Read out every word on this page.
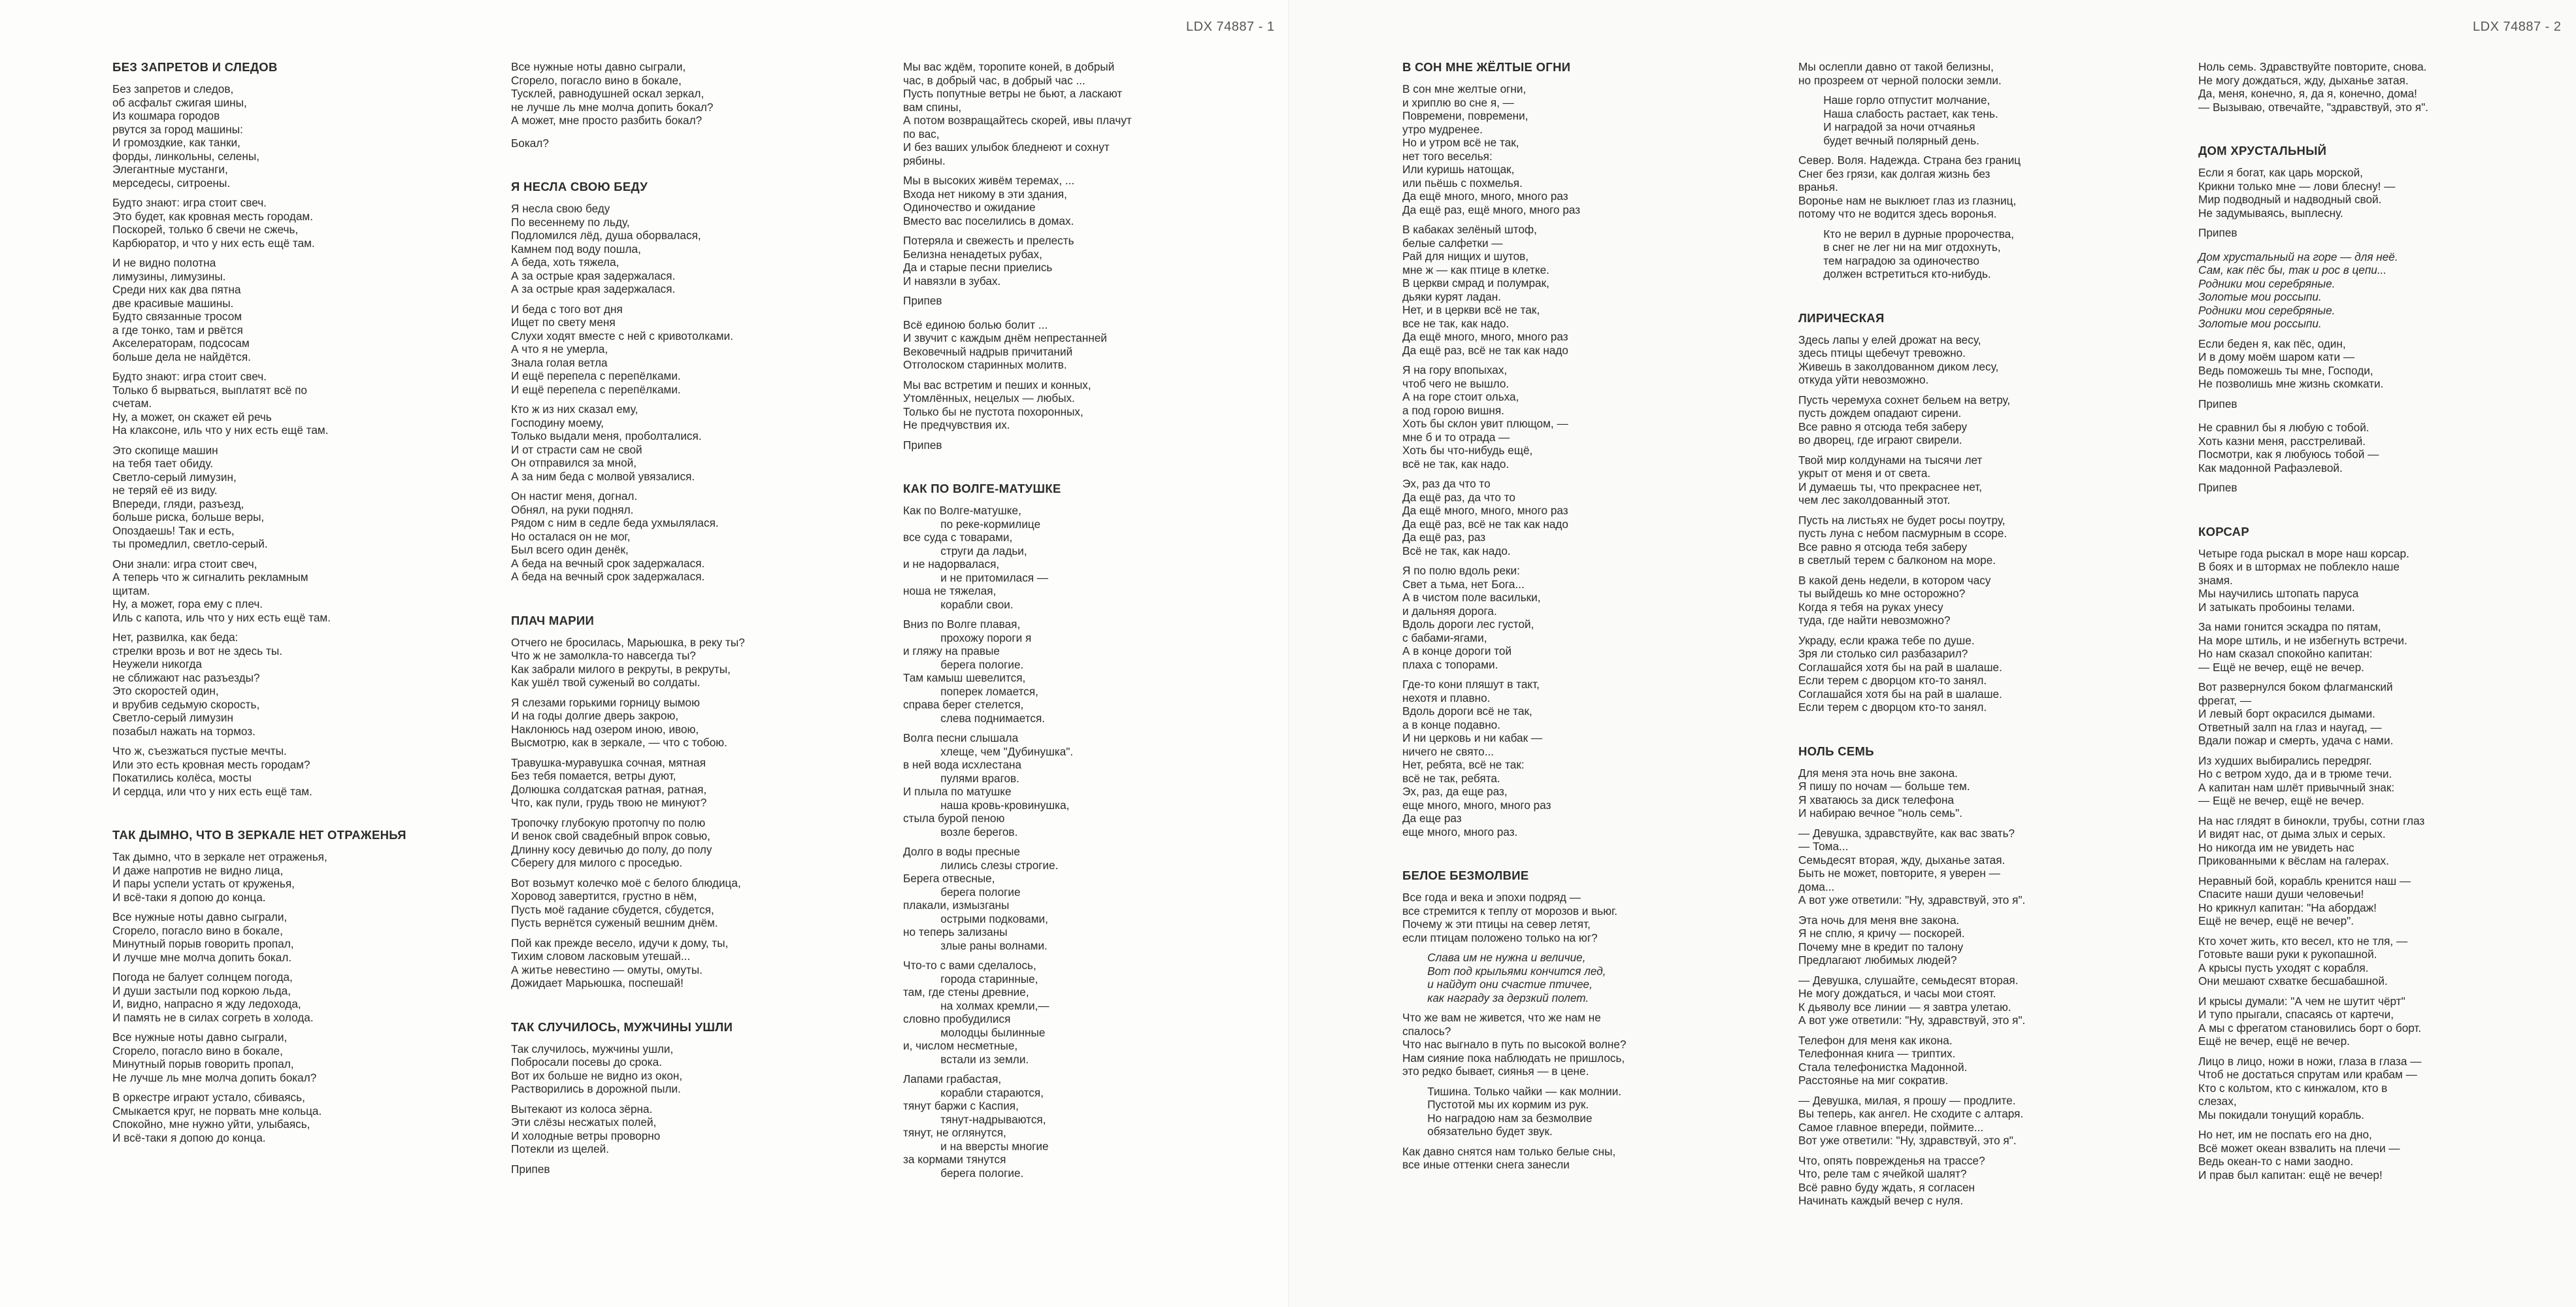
LDX 74887 - 1
БЕЗ ЗАПРЕТОВ И СЛЕДОВ
Без запретов и следов,
об асфальт сжигая шины,
Из кошмара городов
рвутся за город машины:
И громоздкие, как танки,
форды, линкольны, селены,
Элегантные мустанги,
мерседесы, ситроены.
Будто знают: игра стоит свеч.
Это будет, как кровная месть городам.
Поскорей, только б свечи не сжечь,
Карбюратор, и что у них есть ещё там.
И не видно полотна
лимузины, лимузины.
Среди них как два пятна
две красивые машины.
Будто связанные тросом
а где тонко, там и рвётся
Акселераторам, подсосам
больше дела не найдётся.
Будто знают: игра стоит свеч.
Только б вырваться, выплатят всё по
счетам.
Ну, а может, он скажет ей речь
На клаксоне, иль что у них есть ещё там.
Это скопище машин
на тебя тает обиду.
Светло-серый лимузин,
не теряй её из виду.
Впереди, гляди, разъезд,
больше риска, больше веры,
Опоздаешь! Так и есть,
ты промедлил, светло-серый.
Они знали: игра стоит свеч,
А теперь что ж сигналить рекламным
щитам.
Ну, а может, гора ему с плеч.
Иль с капота, иль что у них есть ещё там.
Нет, развилка, как беда:
стрелки врозь и вот не здесь ты.
Неужели никогда
не сближают нас разъезды?
Это скоростей один,
и врубив седьмую скорость,
Светло-серый лимузин
позабыл нажать на тормоз.
Что ж, съезжаться пустые мечты.
Или это есть кровная месть городам?
Покатились колёса, мосты
И сердца, или что у них есть ещё там.
ТАК ДЫМНО, ЧТО В ЗЕРКАЛЕ НЕТ ОТРАЖЕНЬЯ
Так дымно, что в зеркале нет отраженья,
И даже напротив не видно лица,
И пары успели устать от круженья,
И всё-таки я допою до конца.
Все нужные ноты давно сыграли,
Сгорело, погасло вино в бокале,
Минутный порыв говорить пропал,
И лучше мне молча допить бокал.
Погода не балует солнцем погода,
И души застыли под коркою льда,
И, видно, напрасно я жду ледохода,
И память не в силах согреть в холода.
Все нужные ноты давно сыграли,
Сгорело, погасло вино в бокале,
Минутный порыв говорить пропал,
Не лучше ль мне молча допить бокал?
В оркестре играют устало, сбиваясь,
Смыкается круг, не порвать мне кольца.
Спокойно, мне нужно уйти, улыбаясь,
И всё-таки я допою до конца.
Все нужные ноты давно сыграли,
Сгорело, погасло вино в бокале,
Тусклей, равнодушней оскал зеркал,
не лучше ль мне молча допить бокал?
А может, мне просто разбить бокал?
Бокал?
Я НЕСЛА СВОЮ БЕДУ
Я несла свою беду
По весеннему по льду,
Подломился лёд, душа оборвалася,
Камнем под воду пошла,
А беда, хоть тяжела,
А за острые края задержалася.
А за острые края задержалася.
И беда с того вот дня
Ищет по свету меня
Слухи ходят вместе с ней с кривотолками.
А что я не умерла,
Знала голая ветла
И ещё перепела с перепёлками.
И ещё перепела с перепёлками.
Кто ж из них сказал ему,
Господину моему,
Только выдали меня, проболталися.
И от страсти сам не свой
Он отправился за мной,
А за ним беда с молвой увязалися.
Он настиг меня, догнал.
Обнял, на руки поднял.
Рядом с ним в седле беда ухмылялася.
Но осталася он не мог,
Был всего один денёк,
А беда на вечный срок задержалася.
А беда на вечный срок задержалася.
ПЛАЧ МАРИИ
Отчего не бросилась, Марьюшка, в реку ты?
Что ж не замолкла-то навсегда ты?
Как забрали милого в рекруты, в рекруты,
Как ушёл твой суженый во солдаты.
Я слезами горькими горницу вымою
И на годы долгие дверь закрою,
Наклонюсь над озером иною, ивою,
Высмотрю, как в зеркале, — что с тобою.
Травушка-муравушка сочная, мятная
Без тебя помается, ветры дуют,
Долюшка солдатская ратная, ратная,
Что, как пули, грудь твою не минуют?
Тропочку глубокую протопчу по полю
И венок свой свадебный впрок совью,
Длинну косу девичью до полу, до полу
Сберегу для милого с проседью.
Вот возьмут колечко моё с белого блюдица,
Хоровод завертится, грустно в нём,
Пусть моё гадание сбудется, сбудется,
Пусть вернётся суженый вешним днём.
Пой как прежде весело, идучи к дому, ты,
Тихим словом ласковым утешай...
А житье невестино — омуты, омуты.
Дожидает Марьюшка, поспешай!
ТАК СЛУЧИЛОСЬ, МУЖЧИНЫ УШЛИ
Так случилось, мужчины ушли,
Побросали посевы до срока.
Вот их больше не видно из окон,
Растворились в дорожной пыли.
Вытекают из колоса зёрна.
Эти слёзы несжатых полей,
И холодные ветры проворно
Потекли из щелей.
Припев
Мы вас ждём, торопите коней, в добрый
час, в добрый час, в добрый час ...
Пусть попутные ветры не бьют, а ласкают
вам спины,
А потом возвращайтесь скорей, ивы плачут
по вас,
И без ваших улыбок бледнеют и сохнут
рябины.
Мы в высоких живём теремах, ...
Входа нет никому в эти здания,
Одиночество и ожидание
Вместо вас поселились в домах.
Потеряла и свежесть и прелесть
Белизна ненадетых рубах,
Да и старые песни приелись
И навязли в зубах.
Припев
Всё единою болью болит ...
И звучит с каждым днём непрестанней
Вековечный надрыв причитаний
Отголоском старинных молитв.
Мы вас встретим и пеших и конных,
Утомлённых, нецелых — любых.
Только бы не пустота похоронных,
Не предчувствия их.
Припев
КАК ПО ВОЛГЕ-МАТУШКЕ
Как по Волге-матушке,
по реке-кормилице
все суда с товарами,
струги да ладьи,
и не надорвалася,
и не притомилася —
ноша не тяжелая,
корабли свои.
Вниз по Волге плавая,
прохожу пороги я
и гляжу на правые
берега пологие.
Там камыш шевелится,
поперек ломается,
справа берег стелется,
слева поднимается.
Волга песни слышала
хлеще, чем "Дубинушка".
в ней вода исхлестана
пулями врагов.
И плыла по матушке
наша кровь-кровинушка,
стыла бурой пеною
возле берегов.
Долго в воды пресные
лились слезы строгие.
Берега отвесные,
берега пологие
плакали, измызганы
острыми подковами,
но теперь зализаны
злые раны волнами.
Что-то с вами сделалось,
города старинные,
там, где стены древние,
на холмах кремли,—
словно пробудилися
молодцы былинные
и, числом несметные,
встали из земли.
Лапами грабастая,
корабли стараются,
тянут баржи с Каспия,
тянут-надрываются,
тянут, не оглянутся,
и на вверсты многие
за кормами тянутся
берега пологие.
LDX 74887 - 2
В СОН МНЕ ЖЁЛТЫЕ ОГНИ
В сон мне желтые огни,
и хриплю во сне я, —
Повремени, повремени,
утро мудренее.
Но и утром всё не так,
нет того веселья:
Или куришь натощак,
или пьёшь с похмелья.
Да ещё много, много, много раз
Да ещё раз, ещё много, много раз
В кабаках зелёный штоф,
белые салфетки —
Рай для нищих и шутов,
мне ж — как птице в клетке.
В церкви смрад и полумрак,
дьяки курят ладан.
Нет, и в церкви всё не так,
все не так, как надо.
Да ещё много, много, много раз
Да ещё раз, всё не так как надо
Я на гору впопыхах,
чтоб чего не вышло.
А на горе стоит ольха,
а под горою вишня.
Хоть бы склон увит плющом, —
мне б и то отрада —
Хоть бы что-нибудь ещё,
всё не так, как надо.
Эх, раз да что то
Да ещё раз, да что то
Да ещё много, много, много раз
Да ещё раз, всё не так как надо
Да ещё раз, раз
Всё не так, как надо.
Я по полю вдоль реки:
Свет а тьма, нет Бога...
А в чистом поле васильки,
и дальняя дорога.
Вдоль дороги лес густой,
с бабами-ягами,
А в конце дороги той
плаха с топорами.
Где-то кони пляшут в такт,
нехотя и плавно.
Вдоль дороги всё не так,
а в конце подавно.
И ни церковь и ни кабак —
ничего не свято...
Нет, ребята, всё не так:
всё не так, ребята.
Эх, раз, да еще раз,
еще много, много, много раз
Да еще раз
еще много, много раз.
БЕЛОЕ БЕЗМОЛВИЕ
Все года и века и эпохи подряд —
все стремится к теплу от морозов и вьюг.
Почему ж эти птицы на север летят,
если птицам положено только на юг?
Слава им не нужна и величие,
Вот под крыльями кончится лед,
и найдут они счастие птичее,
как награду за дерзкий полет.
Что же вам не живется, что же нам не
спалось?
Что нас выгнало в путь по высокой волне?
Нам сияние пока наблюдать не пришлось,
это редко бывает, сиянья — в цене.
Тишина. Только чайки — как молнии.
Пустотой мы их кормим из рук.
Но наградою нам за безмолвие
обязательно будет звук.
Как давно снятся нам только белые сны,
все иные оттенки снега занесли
Мы ослепли давно от такой белизны,
но прозреем от черной полоски земли.
Наше горло отпустит молчание,
Наша слабость растает, как тень.
И наградой за ночи отчаянья
будет вечный полярный день.
Север. Воля. Надежда. Страна без границ
Снег без грязи, как долгая жизнь без
вранья.
Воронье нам не выклюет глаз из глазниц,
потому что не водится здесь воронья.
Кто не верил в дурные пророчества,
в снег не лег ни на миг отдохнуть,
тем наградою за одиночество
должен встретиться кто-нибудь.
ЛИРИЧЕСКАЯ
Здесь лапы у елей дрожат на весу,
здесь птицы щебечут тревожно.
Живешь в заколдованном диком лесу,
откуда уйти невозможно.
Пусть черемуха сохнет бельем на ветру,
пусть дождем опадают сирени.
Все равно я отсюда тебя заберу
во дворец, где играют свирели.
Твой мир колдунами на тысячи лет
укрыт от меня и от света.
И думаешь ты, что прекраснее нет,
чем лес заколдованный этот.
Пусть на листьях не будет росы поутру,
пусть луна с небом пасмурным в ссоре.
Все равно я отсюда тебя заберу
в светлый терем с балконом на море.
В какой день недели, в котором часу
ты выйдешь ко мне осторожно?
Когда я тебя на руках унесу
туда, где найти невозможно?
Украду, если кража тебе по душе.
Зря ли столько сил разбазарил?
Соглашайся хотя бы на рай в шалаше.
Если терем с дворцом кто-то занял.
Соглашайся хотя бы на рай в шалаше.
Если терем с дворцом кто-то занял.
НОЛЬ СЕМЬ
Для меня эта ночь вне закона.
Я пишу по ночам — больше тем.
Я хватаюсь за диск телефона
И набираю вечное "ноль семь".
— Девушка, здравствуйте, как вас звать?
— Тома...
Семьдесят вторая, жду, дыханье затая.
Быть не может, повторите, я уверен —
дома...
А вот уже ответили: "Ну, здравствуй, это я".
Эта ночь для меня вне закона.
Я не сплю, я кричу — поскорей.
Почему мне в кредит по талону
Предлагают любимых людей?
— Девушка, слушайте, семьдесят вторая.
Не могу дождаться, и часы мои стоят.
К дьяволу все линии — я завтра улетаю.
А вот уже ответили: "Ну, здравствуй, это я".
Телефон для меня как икона.
Телефонная книга — триптих.
Стала телефонистка Мадонной.
Расстоянье на миг сократив.
— Девушка, милая, я прошу — продлите.
Вы теперь, как ангел. Не сходите с алтаря.
Самое главное впереди, поймите...
Вот уже ответили: "Ну, здравствуй, это я".
Что, опять поврежденья на трассе?
Что, реле там с ячейкой шалят?
Всё равно буду ждать, я согласен
Начинать каждый вечер с нуля.
Ноль семь. Здравствуйте повторите, снова.
Не могу дождаться, жду, дыханье затая.
Да, меня, конечно, я, да я, конечно, дома!
— Вызываю, отвечайте, "здравствуй, это я".
ДОМ ХРУСТАЛЬНЫЙ
Если я богат, как царь морской,
Крикни только мне — лови блесну! —
Мир подводный и надводный свой.
Не задумываясь, выплесну.
Припев
Дом хрустальный на горе — для неё.
Сам, как пёс бы, так и рос в цепи...
Родники мои серебряные.
Золотые мои россыпи.
Родники мои серебряные.
Золотые мои россыпи.
Если беден я, как пёс, один,
И в дому моём шаром кати —
Ведь поможешь ты мне, Господи,
Не позволишь мне жизнь скомкати.
Припев
Не сравнил бы я любую с тобой.
Хоть казни меня, расстреливай.
Посмотри, как я любуюсь тобой —
Как мадонной Рафаэлевой.
Припев
КОРСАР
Четыре года рыскал в море наш корсар.
В боях и в штормах не поблекло наше
знамя.
Мы научились штопать паруса
И затыкать пробоины телами.
За нами гонится эскадра по пятам,
На море штиль, и не избегнуть встречи.
Но нам сказал спокойно капитан:
— Ещё не вечер, ещё не вечер.
Вот развернулся боком флагманский
фрегат, —
И левый борт окрасился дымами.
Ответный залп на глаз и наугад, —
Вдали пожар и смерть, удача с нами.
Из худших выбирались передряг.
Но с ветром худо, да и в трюме течи.
А капитан нам шлёт привычный знак:
— Ещё не вечер, ещё не вечер.
На нас глядят в бинокли, трубы, сотни глаз
И видят нас, от дыма злых и серых.
Но никогда им не увидеть нас
Прикованными к вёслам на галерах.
Неравный бой, корабль кренится наш —
Спасите наши души человечьи!
Но крикнул капитан: "На абордаж!
Ещё не вечер, ещё не вечер".
Кто хочет жить, кто весел, кто не тля, —
Готовьте ваши руки к рукопашной.
А крысы пусть уходят с корабля.
Они мешают схватке бесшабашной.
И крысы думали: "А чем не шутит чёрт"
И тупо прыгали, спасаясь от картечи,
А мы с фрегатом становились борт о борт.
Ещё не вечер, ещё не вечер.
Лицо в лицо, ножи в ножи, глаза в глаза —
Чтоб не достаться спрутам или крабам —
Кто с кольтом, кто с кинжалом, кто в
слезах,
Мы покидали тонущий корабль.
Но нет, им не поспать его на дно,
Всё может океан взвалить на плечи —
Ведь океан-то с нами заодно.
И прав был капитан: ещё не вечер!
